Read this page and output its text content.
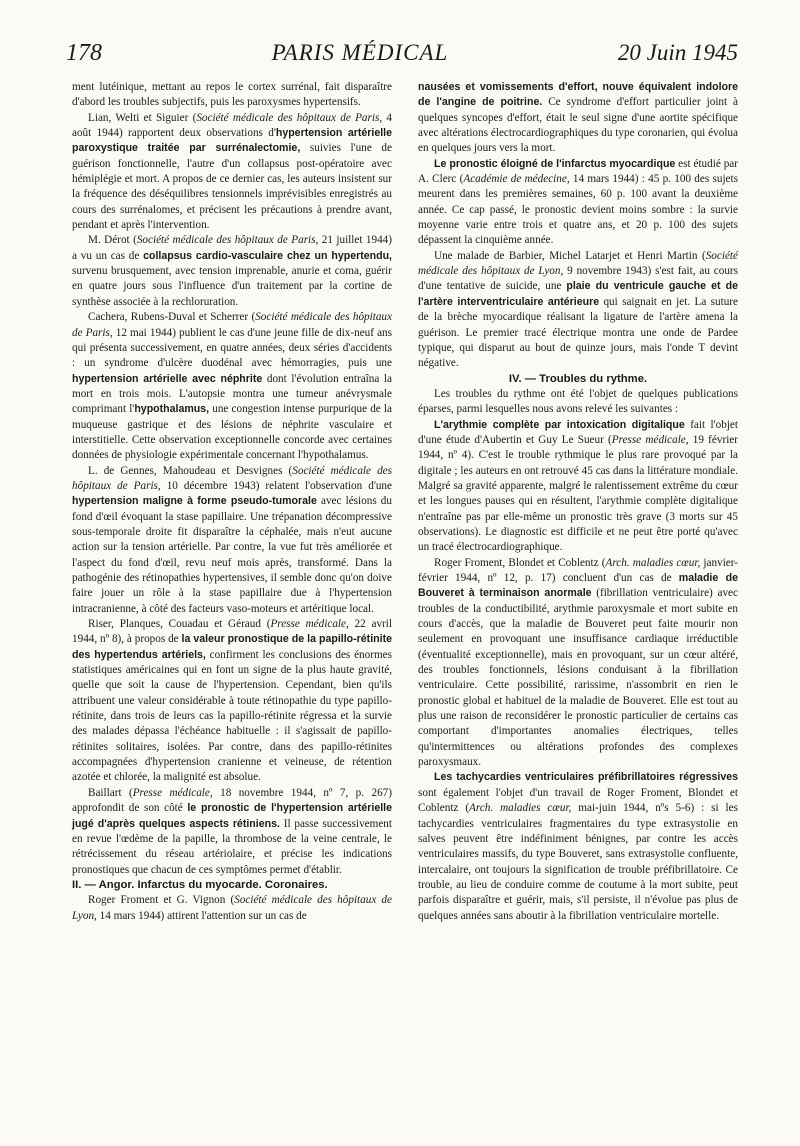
178	PARIS MÉDICAL	20 Juin 1945

ment lutéinique, mettant au repos le cortex surrénal, fait disparaître d'abord les troubles subjectifs, puis les paroxysmes hypertensifs.

Lian, Welti et Siguier (Société médicale des hôpitaux de Paris, 4 août 1944) rapportent deux observations d'hypertension artérielle paroxystique traitée par surrénalectomie, suivies l'une de guérison fonctionnelle, l'autre d'un collapsus post-opératoire avec hémiplégie et mort. A propos de ce dernier cas, les auteurs insistent sur la fréquence des déséquilibres tensionnels imprévisibles enregistrés au cours des surrénalomes, et précisent les précautions à prendre avant, pendant et après l'intervention.

M. Dérot (Société médicale des hôpitaux de Paris, 21 juillet 1944) a vu un cas de collapsus cardio-vasculaire chez un hypertendu, survenu brusquement, avec tension imprenable, anurie et coma, guérir en quatre jours sous l'influence d'un traitement par la cortine de synthèse associée à la rechloruration.

Cachera, Rubens-Duval et Scherrer (Société médicale des hôpitaux de Paris, 12 mai 1944) publient le cas d'une jeune fille de dix-neuf ans qui présenta successivement, en quatre années, deux séries d'accidents : un syndrome d'ulcère duodénal avec hémorragies, puis une hypertension artérielle avec néphrite dont l'évolution entraîna la mort en trois mois. L'autopsie montra une tumeur anévrysmale comprimant l'hypothalamus, une congestion intense purpurique de la muqueuse gastrique et des lésions de néphrite vasculaire et interstitielle. Cette observation exceptionnelle concorde avec certaines données de physiologie expérimentale concernant l'hypothalamus.

L. de Gennes, Mahoudeau et Desvignes (Société médicale des hôpitaux de Paris, 10 décembre 1943) relatent l'observation d'une hypertension maligne à forme pseudo-tumorale avec lésions du fond d'œil évoquant la stase papillaire. Une trépanation décompressive sous-temporale droite fit disparaître la céphalée, mais n'eut aucune action sur la tension artérielle. Par contre, la vue fut très améliorée et l'aspect du fond d'œil, revu neuf mois après, transformé. Dans la pathogénie des rétinopathies hypertensives, il semble donc qu'on doive faire jouer un rôle à la stase papillaire due à l'hypertension intracranienne, à côté des facteurs vaso-moteurs et artéritique local.

Riser, Planques, Couadau et Géraud (Presse médicale, 22 avril 1944, nº 8), à propos de la valeur pronostique de la papillo-rétinite des hypertendus artériels, confirment les conclusions des énormes statistiques américaines qui en font un signe de la plus haute gravité, quelle que soit la cause de l'hypertension. Cependant, bien qu'ils attribuent une valeur considérable à toute rétinopathie du type papillo-rétinite, dans trois de leurs cas la papillo-rétinite régressa et la survie des malades dépassa l'échéance habituelle : il s'agissait de papillo-rétinites solitaires, isolées. Par contre, dans des papillo-rétinites accompagnées d'hypertension cranienne et veineuse, de rétention azotée et chlorée, la malignité est absolue.

Baillart (Presse médicale, 18 novembre 1944, nº 7, p. 267) approfondit de son côté le pronostic de l'hypertension artérielle jugé d'après quelques aspects rétiniens. Il passe successivement en revue l'œdème de la papille, la thrombose de la veine centrale, le rétrécissement du réseau artériolaire, et précise les indications pronostiques que chacun de ces symptômes permet d'établir.

II. — Angor. Infarctus du myocarde. Coronaires.

Roger Froment et G. Vignon (Société médicale des hôpitaux de Lyon, 14 mars 1944) attirent l'attention sur un cas de

nausées et vomissements d'effort, nouve équivalent indolore de l'angine de poitrine. Ce syndrome d'effort particulier joint à quelques syncopes d'effort, était le seul signe d'une aortite spécifique avec altérations électrocardiographiques du type coronarien, qui évolua en quelques jours vers la mort.

Le pronostic éloigné de l'infarctus myocardique est étudié par A. Clerc (Académie de médecine, 14 mars 1944) : 45 p. 100 des sujets meurent dans les premières semaines, 60 p. 100 avant la deuxième année. Ce cap passé, le pronostic devient moins sombre : la survie moyenne varie entre trois et quatre ans, et 20 p. 100 des sujets dépassent la cinquième année.

Une malade de Barbier, Michel Latarjet et Henri Martin (Société médicale des hôpitaux de Lyon, 9 novembre 1943) s'est fait, au cours d'une tentative de suicide, une plaie du ventricule gauche et de l'artère interventriculaire antérieure qui saignait en jet. La suture de la brèche myocardique réalisant la ligature de l'artère amena la guérison. Le premier tracé électrique montra une onde de Pardee typique, qui disparut au bout de quinze jours, mais l'onde T devint négative.

IV. — Troubles du rythme.

Les troubles du rythme ont été l'objet de quelques publications éparses, parmi lesquelles nous avons relevé les suivantes :

L'arythmie complète par intoxication digitalique fait l'objet d'une étude d'Aubertin et Guy Le Sueur (Presse médicale, 19 février 1944, nº 4). C'est le trouble rythmique le plus rare provoqué par la digitale ; les auteurs en ont retrouvé 45 cas dans la littérature mondiale. Malgré sa gravité apparente, malgré le ralentissement extrême du cœur et les longues pauses qui en résultent, l'arythmie complète digitalique n'entraîne pas par elle-même un pronostic très grave (3 morts sur 45 observations). Le diagnostic est difficile et ne peut être porté qu'avec un tracé électrocardiographique.

Roger Froment, Blondet et Coblentz (Arch. maladies cœur, janvier-février 1944, nº 12, p. 17) concluent d'un cas de maladie de Bouveret à terminaison anormale (fibrillation ventriculaire) avec troubles de la conductibilité, arythmie paroxysmale et mort subite en cours d'accès, que la maladie de Bouveret peut faite mourir non seulement en provoquant une insuffisance cardiaque irréductible (éventualité exceptionnelle), mais en provoquant, sur un cœur altéré, des troubles fonctionnels, lésions conduisant à la fibrillation ventriculaire. Cette possibilité, rarissime, n'assombrit en rien le pronostic global et habituel de la maladie de Bouveret. Elle est tout au plus une raison de reconsidérer le pronostic particulier de certains cas comportant d'importantes anomalies électriques, telles qu'intermittences ou altérations profondes des complexes paroxysmaux.

Les tachycardies ventriculaires préfibrillatoires régressives sont également l'objet d'un travail de Roger Froment, Blondet et Coblentz (Arch. maladies cœur, mai-juin 1944, nºs 5-6) : si les tachycardies ventriculaires fragmentaires du type extrasystolie en salves peuvent être indéfiniment bénignes, par contre les accès ventriculaires massifs, du type Bouveret, sans extrasystolie confluente, intercalaire, ont toujours la signification de trouble préfibrillatoire. Ce trouble, au lieu de conduire comme de coutume à la mort subite, peut parfois disparaître et guérir, mais, s'il persiste, il n'évolue pas plus de quelques années sans aboutir à la fibrillation ventriculaire mortelle.
